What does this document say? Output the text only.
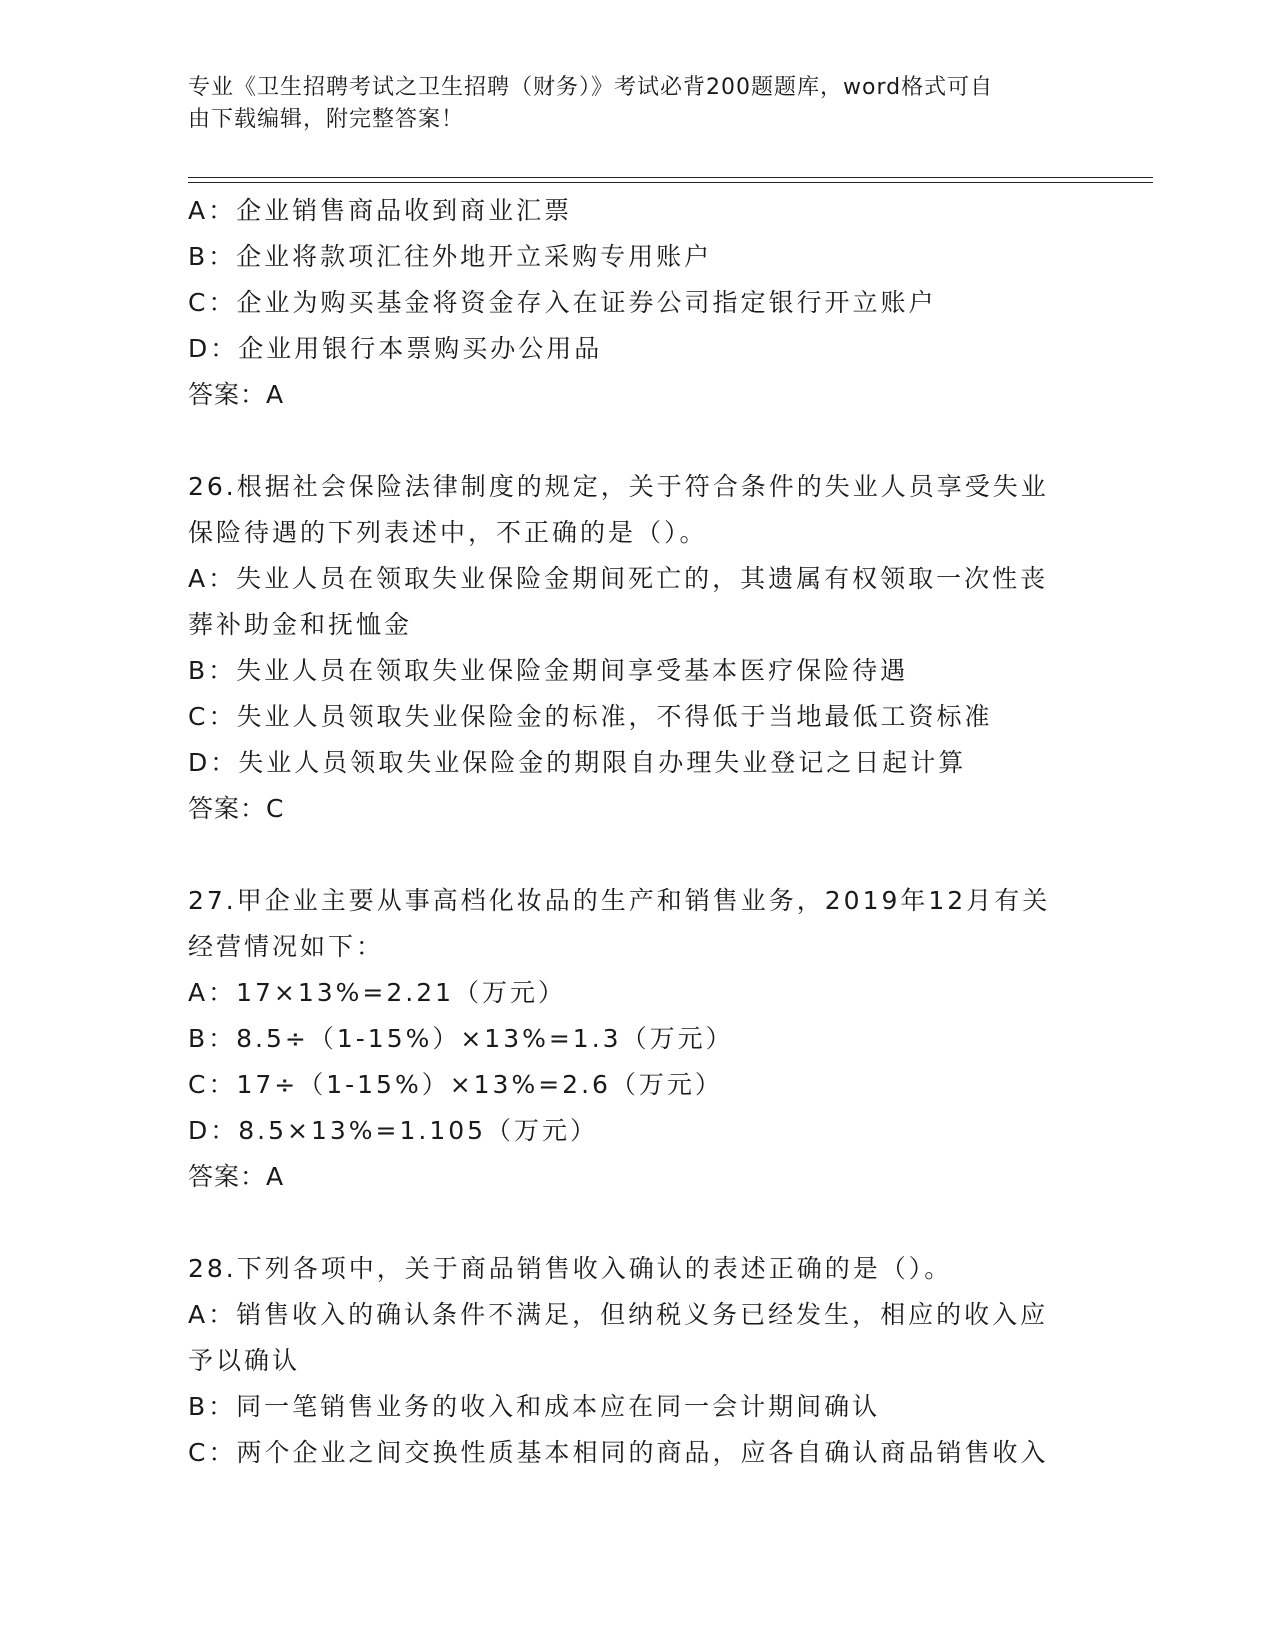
专业《卫生招聘考试之卫生招聘（财务）》考试必背200题题库，word格式可自
由下载编辑，附完整答案！
A：企业销售商品收到商业汇票
B：企业将款项汇往外地开立采购专用账户
C：企业为购买基金将资金存入在证券公司指定银行开立账户
D：企业用银行本票购买办公用品
答案：A
26.根据社会保险法律制度的规定，关于符合条件的失业人员享受失业
保险待遇的下列表述中，不正确的是（）。
A：失业人员在领取失业保险金期间死亡的，其遗属有权领取一次性丧
葬补助金和抚恤金
B：失业人员在领取失业保险金期间享受基本医疗保险待遇
C：失业人员领取失业保险金的标准，不得低于当地最低工资标准
D：失业人员领取失业保险金的期限自办理失业登记之日起计算
答案：C
27.甲企业主要从事高档化妆品的生产和销售业务，2019年12月有关
经营情况如下：
A：17×13%=2.21（万元）
B：8.5÷（1-15%）×13%=1.3（万元）
C：17÷（1-15%）×13%=2.6（万元）
D：8.5×13%=1.105（万元）
答案：A
28.下列各项中，关于商品销售收入确认的表述正确的是（）。
A：销售收入的确认条件不满足，但纳税义务已经发生，相应的收入应
予以确认
B：同一笔销售业务的收入和成本应在同一会计期间确认
C：两个企业之间交换性质基本相同的商品，应各自确认商品销售收入
